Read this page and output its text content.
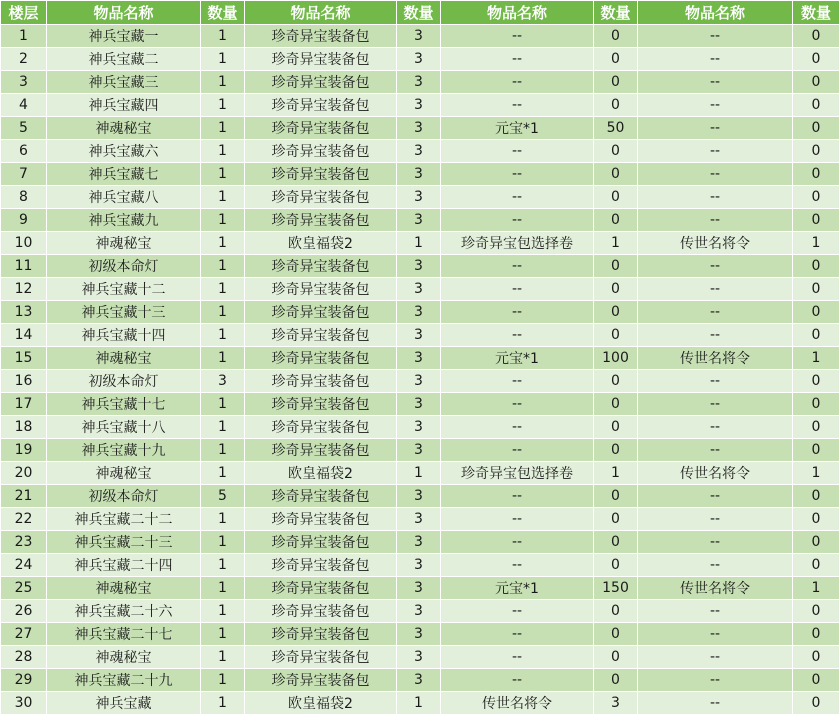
楼层	物品名称	数量	物品名称	数量	物品名称	数量	物品名称	数量
1	神兵宝藏一	1	珍奇异宝装备包	3	--	0	--	0
2	神兵宝藏二	1	珍奇异宝装备包	3	--	0	--	0
3	神兵宝藏三	1	珍奇异宝装备包	3	--	0	--	0
4	神兵宝藏四	1	珍奇异宝装备包	3	--	0	--	0
5	神魂秘宝	1	珍奇异宝装备包	3	元宝*1	50	--	0
6	神兵宝藏六	1	珍奇异宝装备包	3	--	0	--	0
7	神兵宝藏七	1	珍奇异宝装备包	3	--	0	--	0
8	神兵宝藏八	1	珍奇异宝装备包	3	--	0	--	0
9	神兵宝藏九	1	珍奇异宝装备包	3	--	0	--	0
10	神魂秘宝	1	欧皇福袋2	1	珍奇异宝包选择卷	1	传世名将令	1
11	初级本命灯	1	珍奇异宝装备包	3	--	0	--	0
12	神兵宝藏十二	1	珍奇异宝装备包	3	--	0	--	0
13	神兵宝藏十三	1	珍奇异宝装备包	3	--	0	--	0
14	神兵宝藏十四	1	珍奇异宝装备包	3	--	0	--	0
15	神魂秘宝	1	珍奇异宝装备包	3	元宝*1	100	传世名将令	1
16	初级本命灯	3	珍奇异宝装备包	3	--	0	--	0
17	神兵宝藏十七	1	珍奇异宝装备包	3	--	0	--	0
18	神兵宝藏十八	1	珍奇异宝装备包	3	--	0	--	0
19	神兵宝藏十九	1	珍奇异宝装备包	3	--	0	--	0
20	神魂秘宝	1	欧皇福袋2	1	珍奇异宝包选择卷	1	传世名将令	1
21	初级本命灯	5	珍奇异宝装备包	3	--	0	--	0
22	神兵宝藏二十二	1	珍奇异宝装备包	3	--	0	--	0
23	神兵宝藏二十三	1	珍奇异宝装备包	3	--	0	--	0
24	神兵宝藏二十四	1	珍奇异宝装备包	3	--	0	--	0
25	神魂秘宝	1	珍奇异宝装备包	3	元宝*1	150	传世名将令	1
26	神兵宝藏二十六	1	珍奇异宝装备包	3	--	0	--	0
27	神兵宝藏二十七	1	珍奇异宝装备包	3	--	0	--	0
28	神魂秘宝	1	珍奇异宝装备包	3	--	0	--	0
29	神兵宝藏二十九	1	珍奇异宝装备包	3	--	0	--	0
30	神兵宝藏	1	欧皇福袋2	1	传世名将令	3	--	0
